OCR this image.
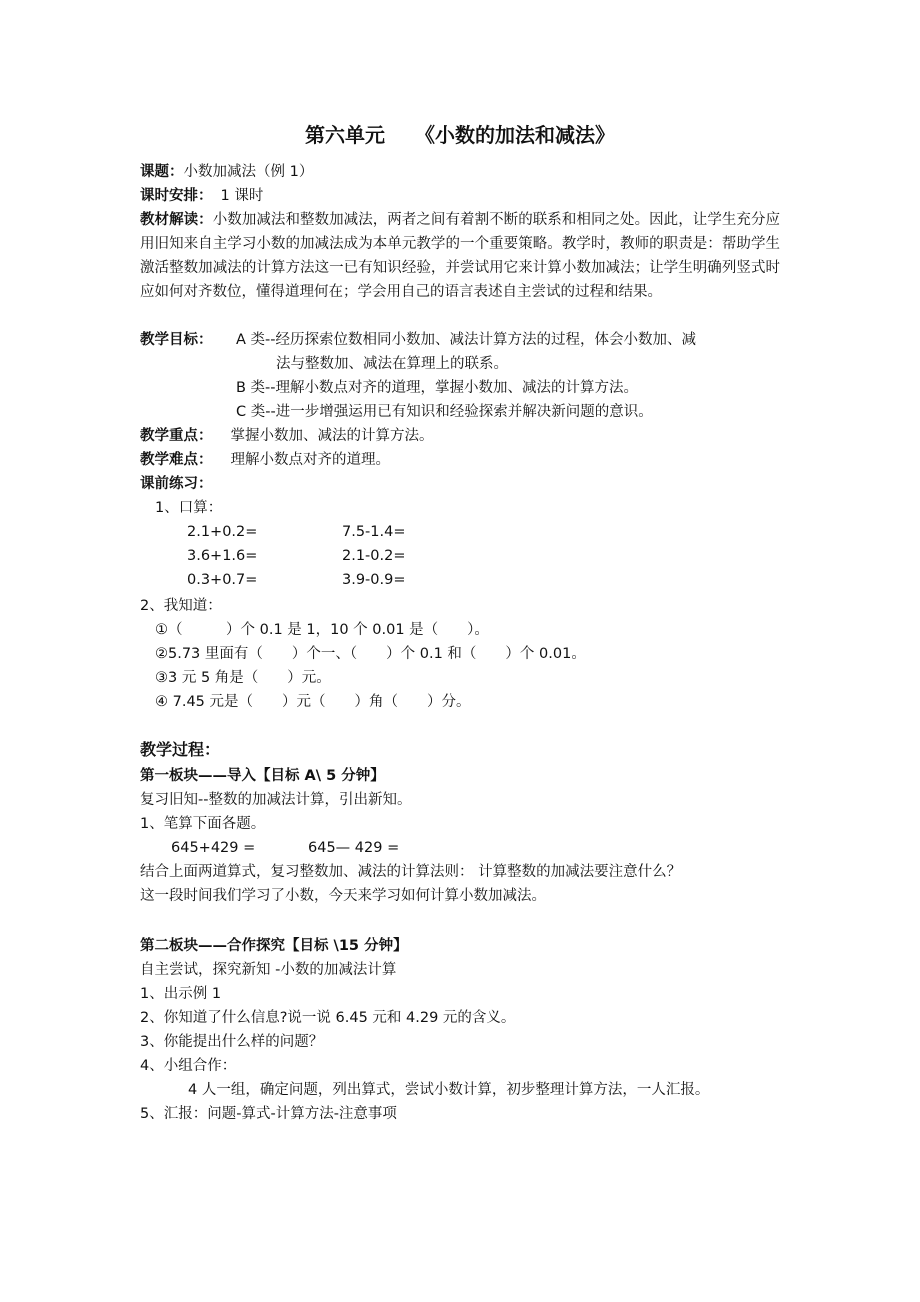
第六单元　　《小数的加法和减法》
课题：小数加减法（例 1）
课时安排： 1 课时
教材解读：小数加减法和整数加减法，两者之间有着割不断的联系和相同之处。因此，让学生充分应用旧知来自主学习小数的加减法成为本单元教学的一个重要策略。教学时，教师的职责是：帮助学生激活整数加减法的计算方法这一已有知识经验，并尝试用它来计算小数加减法；让学生明确列竖式时应如何对齐数位，懂得道理何在；学会用自己的语言表述自主尝试的过程和结果。
教学目标： A 类--经历探索位数相同小数加、减法计算方法的过程，体会小数加、减
法与整数加、减法在算理上的联系。
B 类--理解小数点对齐的道理，掌握小数加、减法的计算方法。
C 类--进一步增强运用已有知识和经验探索并解决新问题的意识。
教学重点： 掌握小数加、减法的计算方法。
教学难点： 理解小数点对齐的道理。
课前练习：
1、口算：
2.1+0.2=	7.5-1.4=
3.6+1.6=	2.1-0.2=
0.3+0.7=	3.9-0.9=
2、我知道：
①（　　　）个 0.1 是 1，10 个 0.01 是（　　）。
②5.73 里面有（　　）个一、（　　）个 0.1 和（　　）个 0.01。
③3 元 5 角是（　　）元。
④ 7.45 元是（　　）元（　　）角（　　）分。
教学过程：
第一板块——导入【目标 A\ 5 分钟】
复习旧知--整数的加减法计算，引出新知。
1、笔算下面各题。
645+429 =	645— 429 =
结合上面两道算式，复习整数加、减法的计算法则： 计算整数的加减法要注意什么？
这一段时间我们学习了小数，今天来学习如何计算小数加减法。
第二板块——合作探究【目标 \15 分钟】
自主尝试，探究新知 -小数的加减法计算
1、出示例 1
2、你知道了什么信息?说一说 6.45 元和 4.29 元的含义。
3、你能提出什么样的问题？
4、小组合作：
4 人一组，确定问题，列出算式，尝试小数计算，初步整理计算方法，一人汇报。
5、汇报：问题-算式-计算方法-注意事项
